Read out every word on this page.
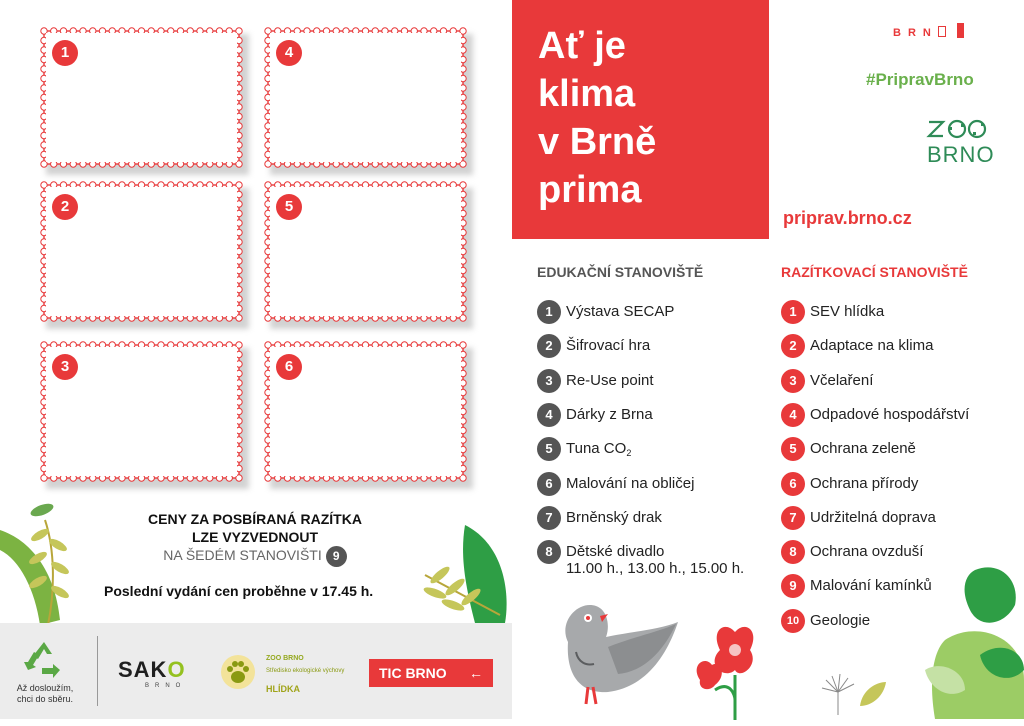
1	4
2	5
3	6
CENY ZA POSBÍRANÁ RAZÍTKA
LZE VYZVEDNOUT
NA ŠEDÉM STANOVIŠTI 9
Poslední vydání cen proběhne v 17.45 h.
Až dosloužím, chci do sběru.
SAKO
BRNO
ZOO BRNO
Středisko ekologické výchovy
HLÍDKA
TIC BRNO ←
Ať je
klima
v Brně
prima
B R N
#PripravBrno
BRNO
priprav.brno.cz
EDUKAČNÍ STANOVIŠTĚ	RAZÍTKOVACÍ STANOVIŠTĚ
1 Výstava SECAP
2 Šifrovací hra
3 Re-Use point
4 Dárky z Brna
5 Tuna $CO_2$
6 Malování na obličej
7 Brněnský drak
8 Dětské divadlo
11.00 h., 13.00 h., 15.00 h.
1 SEV hlídka
2 Adaptace na klima
3 Včelaření
4 Odpadové hospodářství
5 Ochrana zeleně
6 Ochrana přírody
7 Udržitelná doprava
8 Ochrana ovzduší
9 Malování kamínků
10 Geologie
